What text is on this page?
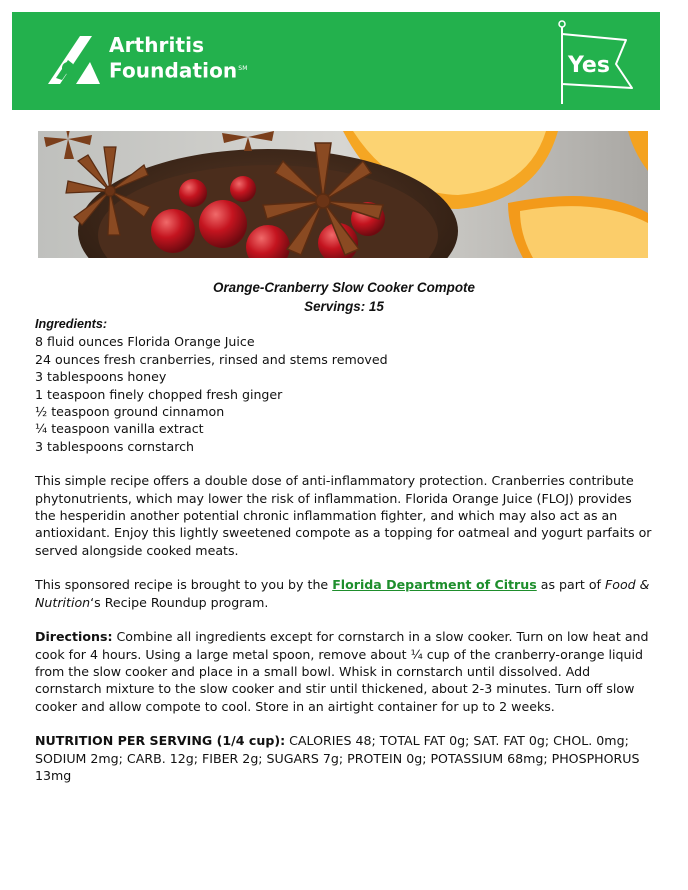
Arthritis
Foundation℠	Yes
Orange-Cranberry Slow Cooker Compote
Servings: 15
Ingredients:
8 fluid ounces Florida Orange Juice
24 ounces fresh cranberries, rinsed and stems removed
3 tablespoons honey
1 teaspoon finely chopped fresh ginger
½ teaspoon ground cinnamon
¼ teaspoon vanilla extract
3 tablespoons cornstarch

This simple recipe offers a double dose of anti-inflammatory protection. Cranberries contribute phytonutrients, which may lower the risk of inflammation. Florida Orange Juice (FLOJ) provides the hesperidin another potential chronic inflammation fighter, and which may also act as an antioxidant. Enjoy this lightly sweetened compote as a topping for oatmeal and yogurt parfaits or served alongside cooked meats.

This sponsored recipe is brought to you by the Florida Department of Citrus as part of Food & Nutrition‘s Recipe Roundup program.

Directions: Combine all ingredients except for cornstarch in a slow cooker. Turn on low heat and cook for 4 hours. Using a large metal spoon, remove about ¼ cup of the cranberry-orange liquid from the slow cooker and place in a small bowl. Whisk in cornstarch until dissolved. Add cornstarch mixture to the slow cooker and stir until thickened, about 2-3 minutes. Turn off slow cooker and allow compote to cool. Store in an airtight container for up to 2 weeks.

NUTRITION PER SERVING (1/4 cup): CALORIES 48; TOTAL FAT 0g; SAT. FAT 0g; CHOL. 0mg; SODIUM 2mg; CARB. 12g; FIBER 2g; SUGARS 7g; PROTEIN 0g; POTASSIUM 68mg; PHOSPHORUS 13mg
